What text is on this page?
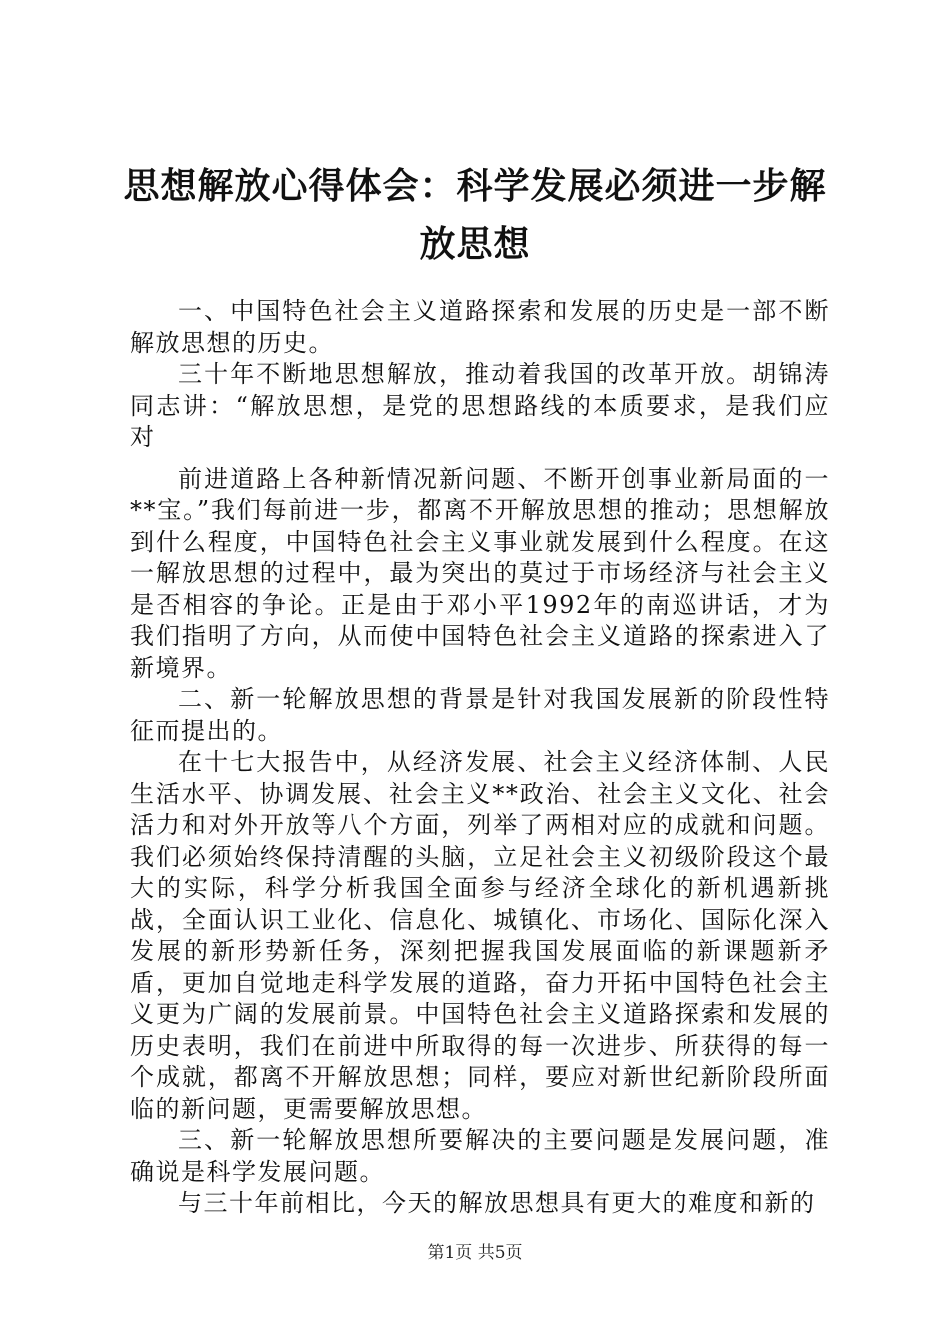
思想解放心得体会：科学发展必须进一步解放思想

一、中国特色社会主义道路探索和发展的历史是一部不断解放思想的历史。

三十年不断地思想解放，推动着我国的改革开放。胡锦涛同志讲：“解放思想，是党的思想路线的本质要求，是我们应对

前进道路上各种新情况新问题、不断开创事业新局面的一**宝。”我们每前进一步，都离不开解放思想的推动；思想解放到什么程度，中国特色社会主义事业就发展到什么程度。在这一解放思想的过程中，最为突出的莫过于市场经济与社会主义是否相容的争论。正是由于邓小平1992年的南巡讲话，才为我们指明了方向，从而使中国特色社会主义道路的探索进入了新境界。

二、新一轮解放思想的背景是针对我国发展新的阶段性特征而提出的。

在十七大报告中，从经济发展、社会主义经济体制、人民生活水平、协调发展、社会主义**政治、社会主义文化、社会活力和对外开放等八个方面，列举了两相对应的成就和问题。我们必须始终保持清醒的头脑，立足社会主义初级阶段这个最大的实际，科学分析我国全面参与经济全球化的新机遇新挑战，全面认识工业化、信息化、城镇化、市场化、国际化深入发展的新形势新任务，深刻把握我国发展面临的新课题新矛盾，更加自觉地走科学发展的道路，奋力开拓中国特色社会主义更为广阔的发展前景。中国特色社会主义道路探索和发展的历史表明，我们在前进中所取得的每一次进步、所获得的每一个成就，都离不开解放思想；同样，要应对新世纪新阶段所面临的新问题，更需要解放思想。

三、新一轮解放思想所要解决的主要问题是发展问题，准确说是科学发展问题。

与三十年前相比，今天的解放思想具有更大的难度和新的

第1页 共5页
